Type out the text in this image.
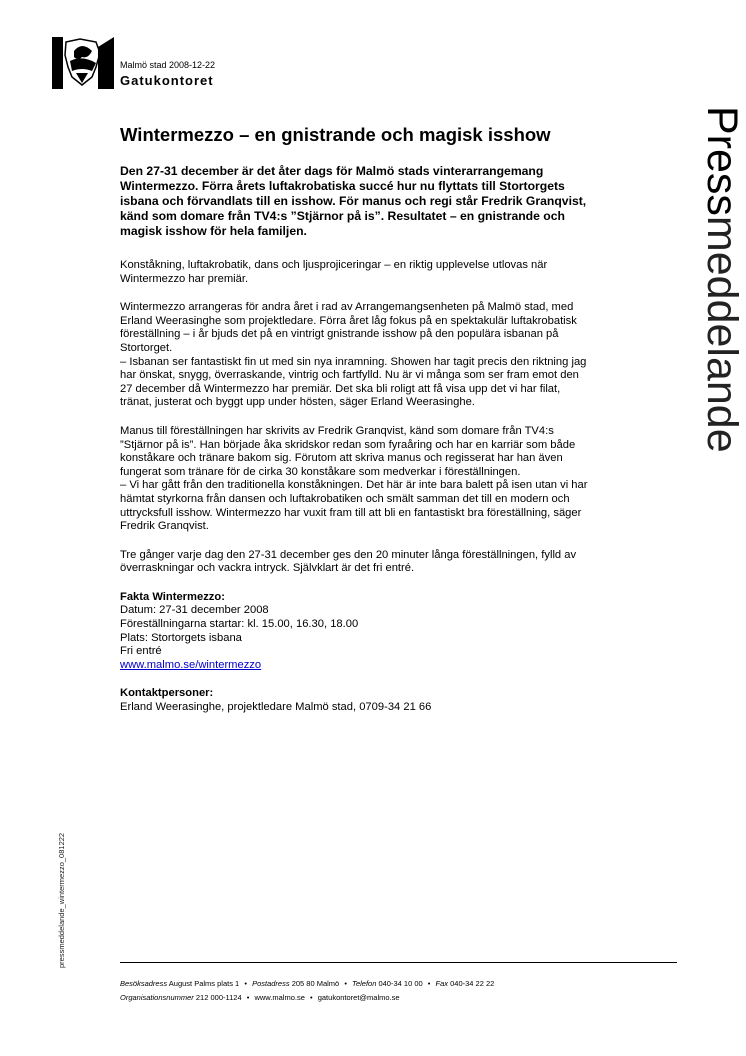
Malmö stad 2008-12-22
Gatukontoret
Pressmeddelande
Wintermezzo – en gnistrande och magisk isshow

Den 27-31 december är det åter dags för Malmö stads vinterarrangemang Wintermezzo. Förra årets luftakrobatiska succé hur nu flyttats till Stortorgets isbana och förvandlats till en isshow. För manus och regi står Fredrik Granqvist, känd som domare från TV4:s ”Stjärnor på is”. Resultatet – en gnistrande och magisk isshow för hela familjen.

Konståkning, luftakrobatik, dans och ljusprojiceringar – en riktig upplevelse utlovas när Wintermezzo har premiär.

Wintermezzo arrangeras för andra året i rad av Arrangemangsenheten på Malmö stad, med Erland Weerasinghe som projektledare. Förra året låg fokus på en spektakulär luftakrobatisk föreställning – i år bjuds det på en vintrigt gnistrande isshow på den populära isbanan på Stortorget.
– Isbanan ser fantastiskt fin ut med sin nya inramning. Showen har tagit precis den riktning jag har önskat, snygg, överraskande, vintrig och fartfylld. Nu är vi många som ser fram emot den 27 december då Wintermezzo har premiär. Det ska bli roligt att få visa upp det vi har filat, tränat, justerat och byggt upp under hösten, säger Erland Weerasinghe.

Manus till föreställningen har skrivits av Fredrik Granqvist, känd som domare från TV4:s ”Stjärnor på is”. Han började åka skridskor redan som fyraåring och har en karriär som både konståkare och tränare bakom sig. Förutom att skriva manus och regisserat har han även fungerat som tränare för de cirka 30 konståkare som medverkar i föreställningen.
– Vi har gått från den traditionella konståkningen. Det här är inte bara balett på isen utan vi har hämtat styrkorna från dansen och luftakrobatiken och smält samman det till en modern och uttrycksfull isshow. Wintermezzo har vuxit fram till att bli en fantastiskt bra föreställning, säger Fredrik Granqvist.

Tre gånger varje dag den 27-31 december ges den 20 minuter långa föreställningen, fylld av överraskningar och vackra intryck. Självklart är det fri entré.

Fakta Wintermezzo:
Datum: 27-31 december 2008
Föreställningarna startar: kl. 15.00, 16.30, 18.00
Plats: Stortorgets isbana
Fri entré
www.malmo.se/wintermezzo
Kontaktpersoner:
Erland Weerasinghe, projektledare Malmö stad, 0709-34 21 66
pressmeddelande_wintermezzo_081222
Besöksadress August Palms plats 1 • Postadress 205 80 Malmö • Telefon 040-34 10 00 • Fax 040-34 22 22
Organisationsnummer 212 000-1124 • www.malmo.se • gatukontoret@malmo.se
